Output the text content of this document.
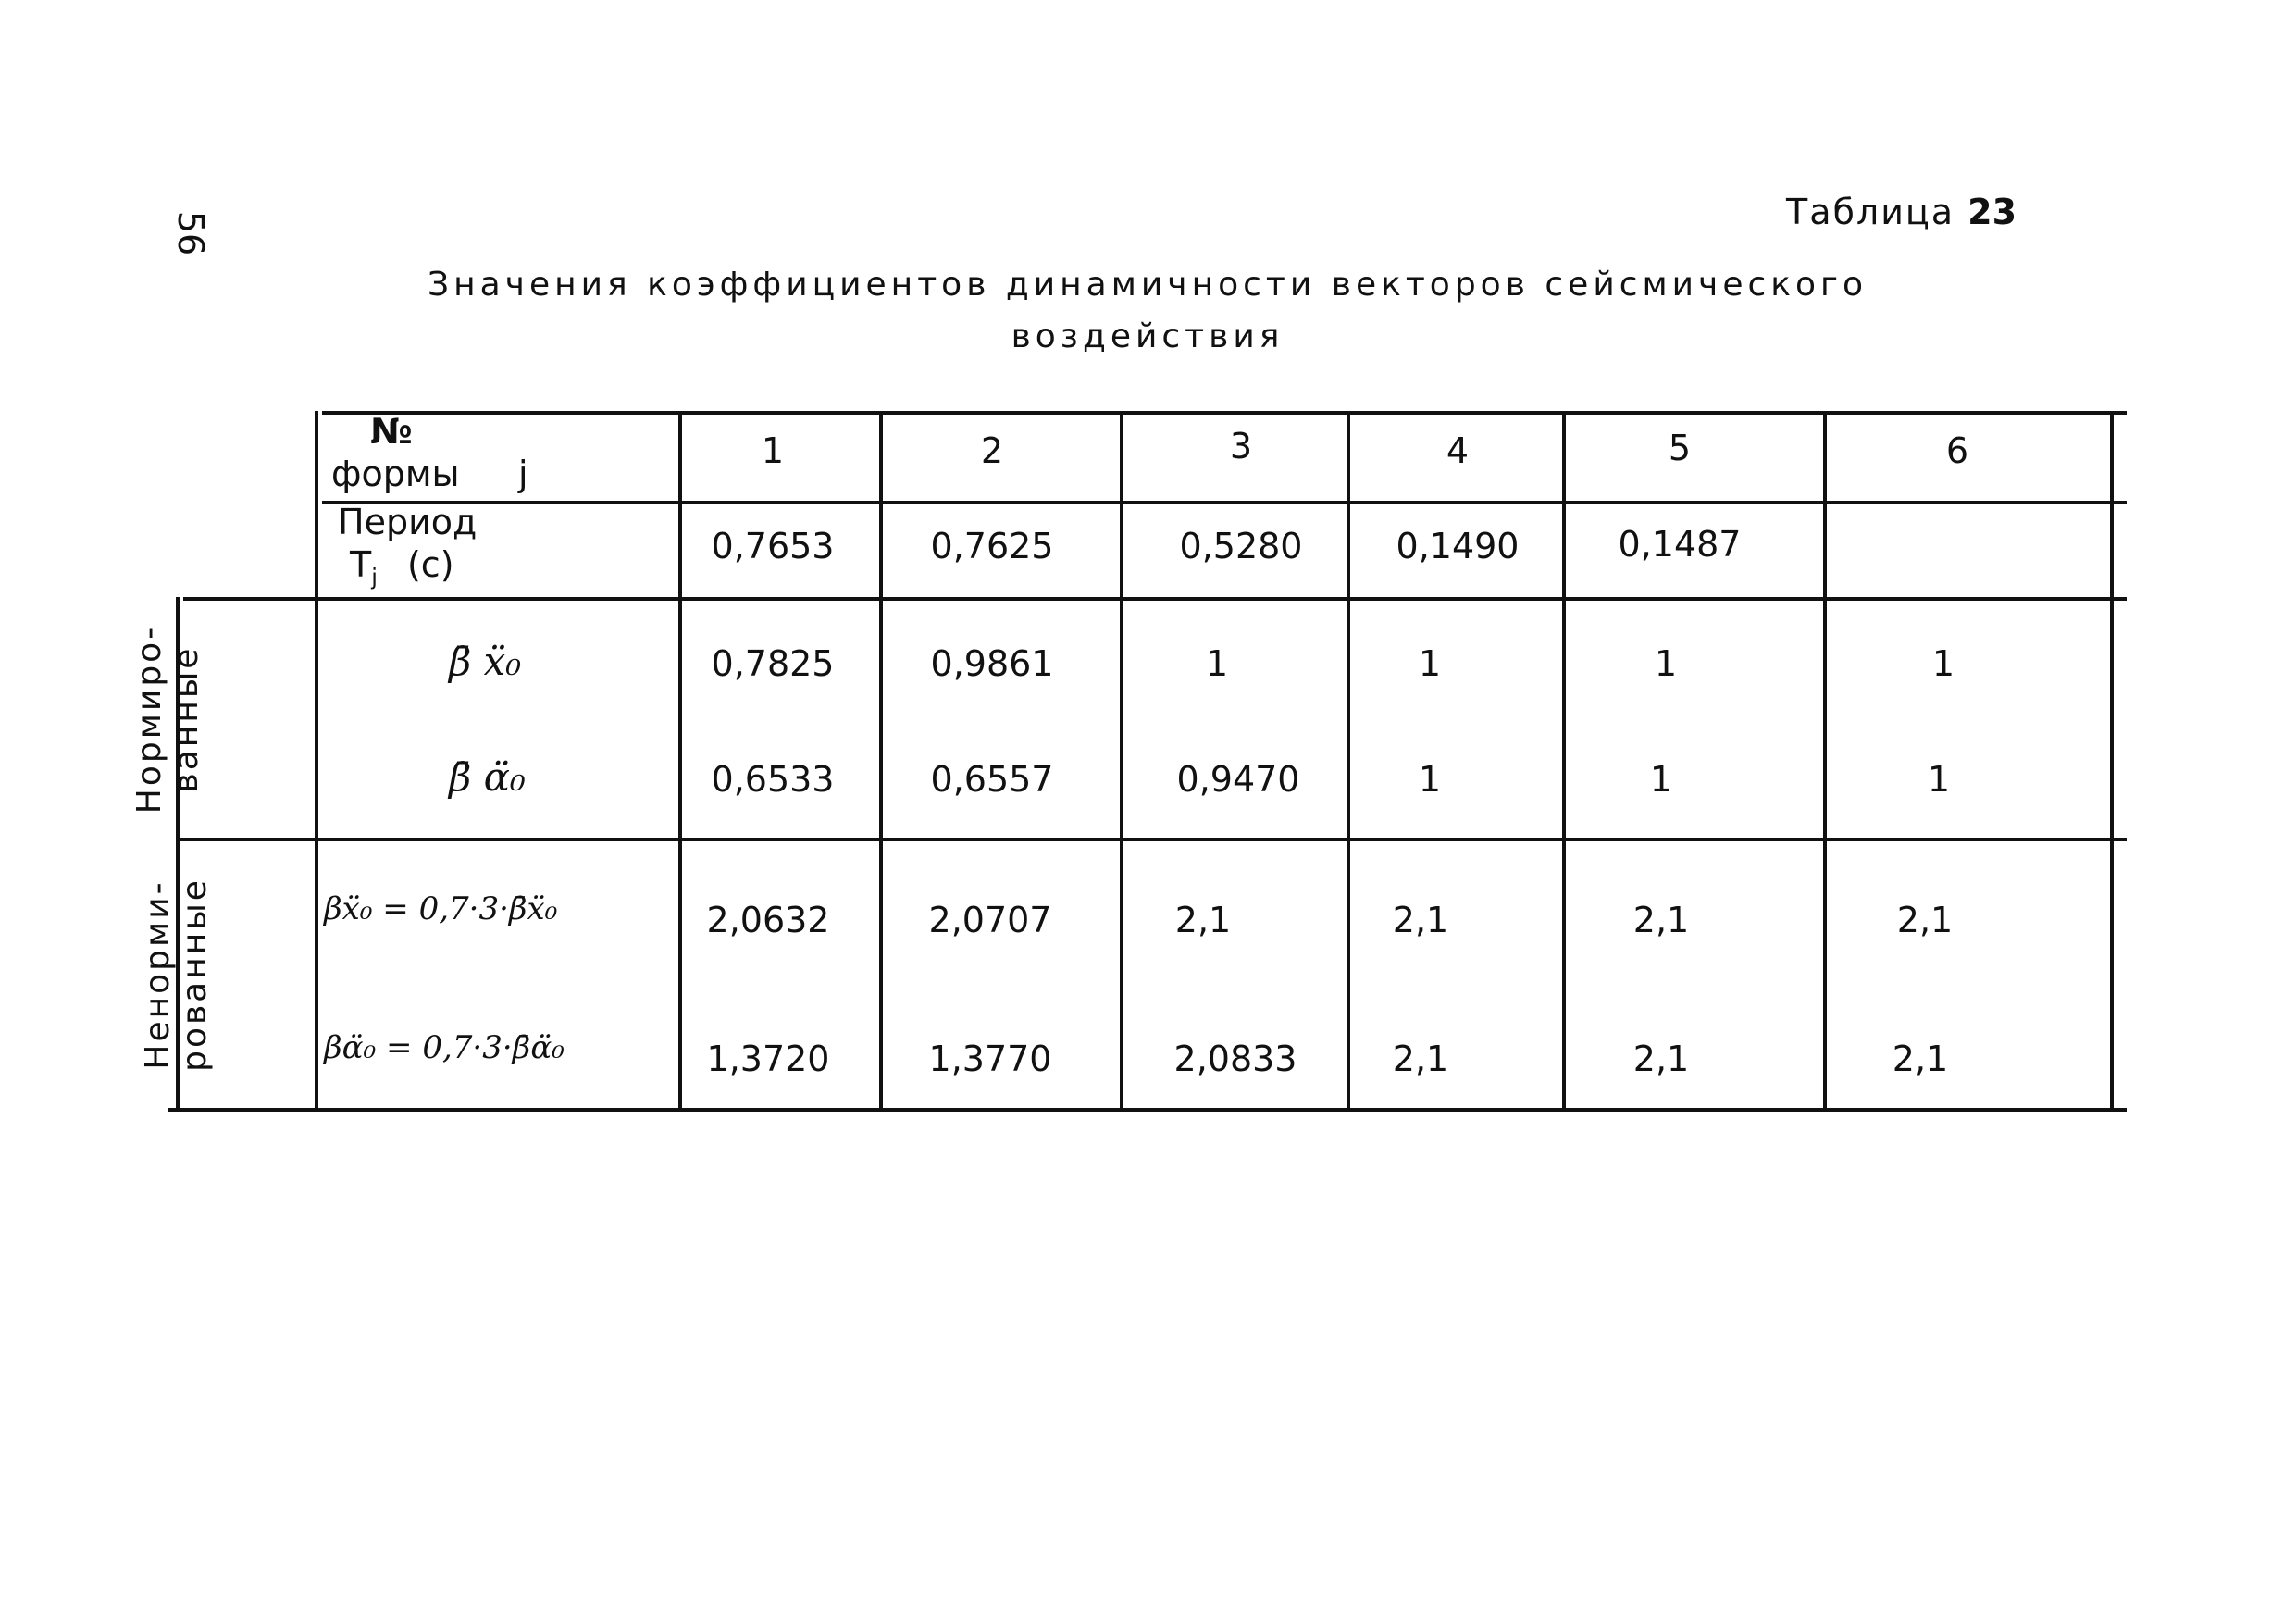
56	Таблица 23
Значения коэффициентов динамичности векторов сейсмического
воздействия
№
формы j
1	2	3	4	5	6
Период
$T_j$ (с)	0,7653	0,7625	0,5280	0,1490	0,1487
Нормиро- ванные
Ненорми- рованные
β̄ ẍ₀	0,7825	0,9861	1	1	1	1
β̄ α̈₀	0,6533	0,6557	0,9470	1	1	1
βẍ₀ = 0,7·3·β̄ẍ₀	2,0632	2,0707	2,1	2,1	2,1	2,1
βα̈₀ = 0,7·3·β̄α̈₀	1,3720	1,3770	2,0833	2,1	2,1	2,1
